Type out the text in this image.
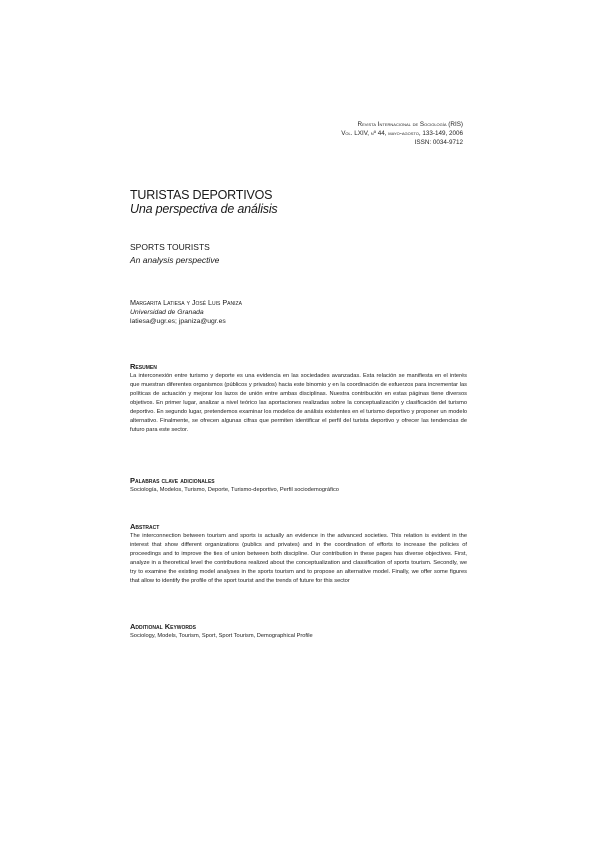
Revista Internacional de Sociología (RIS)
Vol. LXIV, nº 44, mayo-agosto, 133-149, 2006
ISSN: 0034-9712
TURISTAS DEPORTIVOS
Una perspectiva de análisis
SPORTS TOURISTS
An analysis perspective
Margarita Latiesa y José Luis Paniza
Universidad de Granada
latiesa@ugr.es; jpaniza@ugr.es

Resumen

La interconexión entre turismo y deporte es una evidencia en las sociedades avanzadas. Esta relación se manifiesta en el interés que muestran diferentes organismos (públicos y privados) hacia este binomio y en la coordinación de esfuerzos para incrementar las políticas de actuación y mejorar los lazos de unión entre ambas disciplinas. Nuestra contribución en estas páginas tiene diversos objetivos. En primer lugar, analizar a nivel teórico las aportaciones realizadas sobre la conceptualización y clasificación del turismo deportivo. En segundo lugar, pretendemos examinar los modelos de análisis existentes en el turismo deportivo y proponer un modelo alternativo. Finalmente, se ofrecen algunas cifras que permiten identificar el perfil del turista deportivo y ofrecer las tendencias de futuro para este sector.

Palabras clave adicionales

Sociología, Modelos, Turismo, Deporte, Turismo-deportivo, Perfil sociodemográfico

Abstract

The interconnection between tourism and sports is actually an evidence in the advanced societies. This relation is evident in the interest that show different organizations (publics and privates) and in the coordination of efforts to increase the policies of proceedings and to improve the ties of union between both discipline. Our contribution in these pages has diverse objectives. First, analyze in a theoretical level the contributions realized about the conceptualization and classification of sports tourism. Secondly, we try to examine the existing model analyses in the sports tourism and to propose an alternative model. Finally, we offer some figures that allow to identify the profile of the sport tourist and the trends of future for this sector

Additional Keywords

Sociology, Models, Tourism, Sport, Sport Tourism, Demographical Profile
